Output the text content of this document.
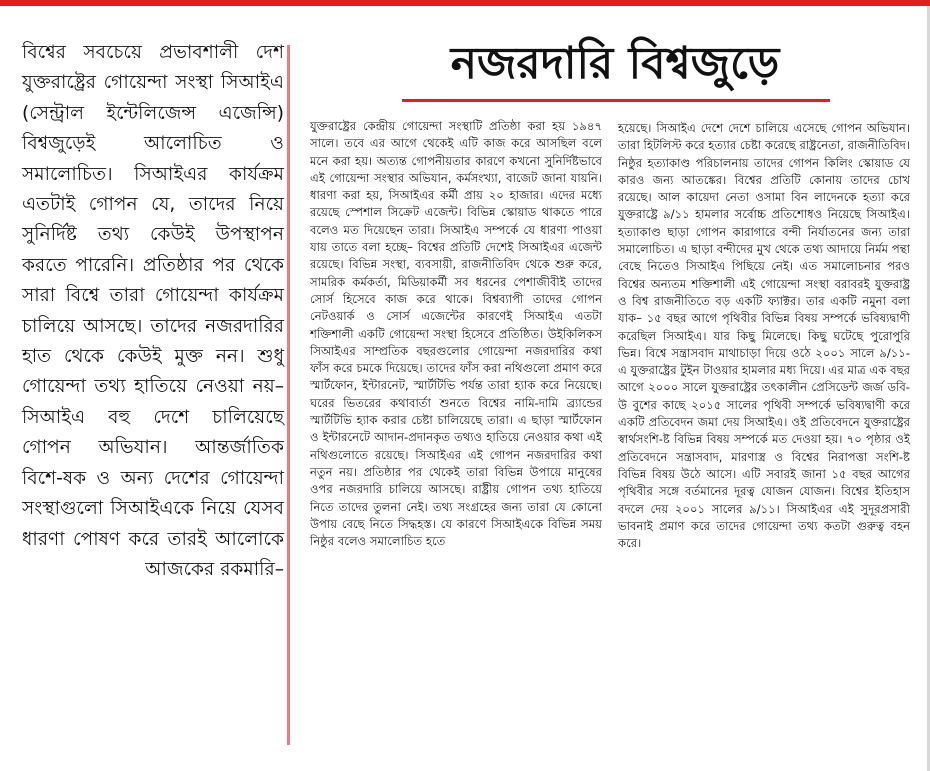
বিশ্বের সবচেয়ে প্রভাবশালী দেশ যুক্তরাষ্ট্রের গোয়েন্দা সংস্থা সিআইএ (সেন্ট্রাল ইন্টেলিজেন্স এজেন্সি) বিশ্বজুড়েই আলোচিত ও সমালোচিত। সিআইএর কার্যক্রম এতটাই গোপন যে, তাদের নিয়ে সুনির্দিষ্ট তথ্য কেউই উপস্থাপন করতে পারেনি। প্রতিষ্ঠার পর থেকে সারা বিশ্বে তারা গোয়েন্দা কার্যক্রম চালিয়ে আসছে। তাদের নজরদারির হাত থেকে কেউই মুক্ত নন। শুধু গোয়েন্দা তথ্য হাতিয়ে নেওয়া নয়– সিআইএ বহু দেশে চালিয়েছে গোপন অভিযান। আন্তর্জাতিক বিশে-ষক ও অন্য দেশের গোয়েন্দা সংস্থাগুলো সিআইএকে নিয়ে যেসব ধারণা পোষণ করে তারই আলোকে আজকের রকমারি–
নজরদারি বিশ্বজুড়ে
যুক্তরাষ্ট্রের কেন্দ্রীয় গোয়েন্দা সংস্থাটি প্রতিষ্ঠা করা হয় ১৯৪৭ সালে। তবে এর আগে থেকেই এটি কাজ করে আসছিল বলে মনে করা হয়। অত্যন্ত গোপনীয়তার কারণে কখনো সুনির্দিষ্টভাবে এই গোয়েন্দা সংস্থার অভিযান, কর্মসংখ্যা, বাজেট জানা যায়নি। ধারণা করা হয়, সিআইএর কর্মী প্রায় ২০ হাজার। এদের মধ্যে রয়েছে স্পেশাল সিক্রেট এজেন্ট। বিভিন্ন স্কোয়াড থাকতে পারে বলেও মত দিয়েছেন তারা। সিআইএ সম্পর্কে যে ধারণা পাওয়া যায় তাতে বলা হচ্ছে– বিশ্বের প্রতিটি দেশেই সিআইএর এজেন্ট রয়েছে। বিভিন্ন সংস্থা, ব্যবসায়ী, রাজনীতিবিদ থেকে শুরু করে, সামরিক কর্মকর্তা, মিডিয়াকর্মী সব ধরনের পেশাজীবীই তাদের সোর্স হিসেবে কাজ করে থাকে। বিশ্বব্যাপী তাদের গোপন নেটওয়ার্ক ও সোর্স এজেন্টের কারণেই সিআইএ এতটা শক্তিশালী একটি গোয়েন্দা সংস্থা হিসেবে প্রতিষ্ঠিত। উইকিলিকস সিআইএর সাম্প্রতিক বছরগুলোর গোয়েন্দা নজরদারির কথা ফাঁস করে চমকে দিয়েছে। তাদের ফাঁস করা নথিগুলো প্রমাণ করে স্মার্টফোন, ইন্টারনেট, স্মার্টটিভি পর্যন্ত তারা হ্যাক করে নিয়েছে। ঘরের ভিতরের কথাবার্তা শুনতে বিশ্বের নামি-দামি ব্র্যান্ডের স্মার্টটিভি হ্যাক করার চেষ্টা চালিয়েছে তারা। এ ছাড়া স্মার্টফোন ও ইন্টারনেটে আদান-প্রদানকৃত তথ্যও হাতিয়ে নেওয়ার কথা এই নথিগুলোতে রয়েছে। সিআইএর এই গোপন নজরদারির কথা নতুন নয়। প্রতিষ্ঠার পর থেকেই তারা বিভিন্ন উপায়ে মানুষের ওপর নজরদারি চালিয়ে আসছে। রাষ্ট্রীয় গোপন তথ্য হাতিয়ে নিতে তাদের তুলনা নেই। তথ্য সংগ্রহের জন্য তারা যে কোনো উপায় বেছে নিতে সিদ্ধহস্ত। যে কারণে সিআইএকে বিভিন্ন সময় নিষ্ঠুর বলেও সমালোচিত হতে
হয়েছে। সিআইএ দেশে দেশে চালিয়ে এসেছে গোপন অভিযান। তারা হিটলিস্ট করে হত্যার চেষ্টা করেছে রাষ্ট্রনেতা, রাজনীতিবিদ। নিষ্ঠুর হত্যাকাণ্ড পরিচালনায় তাদের গোপন কিলিং স্কোয়াড যে কারও জন্য আতঙ্কের। বিশ্বের প্রতিটি কোনায় তাদের চোখ রয়েছে। আল কায়েদা নেতা ওসামা বিন লাদেনকে হত্যা করে যুক্তরাষ্ট্রে ৯/১১ হামলার সর্বোচ্চ প্রতিশোধও নিয়েছে সিআইএ। হত্যাকাণ্ড ছাড়া গোপন কারাগারে বন্দী নির্যাতনের জন্য তারা সমালোচিত। এ ছাড়া বন্দীদের মুখ থেকে তথ্য আদায়ে নির্মম পন্থা বেছে নিতেও সিআইএ পিছিয়ে নেই। এত সমালোচনার পরও বিশ্বের অন্যতম শক্তিশালী এই গোয়েন্দা সংস্থা বরাবরই যুক্তরাষ্ট্র ও বিশ্ব রাজনীতিতে বড় একটি ফ্যাক্টর। তার একটি নমুনা বলা যাক– ১৫ বছর আগে পৃথিবীর বিভিন্ন বিষয় সম্পর্কে ভবিষ্যদ্বাণী করেছিল সিআইএ। যার কিছু মিলেছে। কিছু ঘটেছে পুরোপুরি ভিন্ন। বিশ্বে সন্ত্রাসবাদ মাথাচাড়া দিয়ে ওঠে ২০০১ সালে ৯/১১-এ যুক্তরাষ্ট্রের টুইন টাওয়ার হামলার মধ্য দিয়ে। এর মাত্র এক বছর আগে ২০০০ সালে যুক্তরাষ্ট্রের তৎকালীন প্রেসিডেন্ট জর্জ ডবি-উ বুশের কাছে ২০১৫ সালের পৃথিবী সম্পর্কে ভবিষ্যদ্বাণী করে একটি প্রতিবেদন জমা দেয় সিআইএ। ওই প্রতিবেদনে যুক্তরাষ্ট্রের স্বার্থসংশি-ষ্ট বিভিন্ন বিষয় সম্পর্কে মত দেওয়া হয়। ৭০ পৃষ্ঠার ওই প্রতিবেদনে সন্ত্রাসবাদ, মারণাস্ত্র ও বিশ্বের নিরাপত্তা সংশি-ষ্ট বিভিন্ন বিষয় উঠে আসে। এটি সবারই জানা ১৫ বছর আগের পৃথিবীর সঙ্গে বর্তমানের দূরত্ব যোজন যোজন। বিশ্বের ইতিহাস বদলে দেয় ২০০১ সালের ৯/১১। সিআইএর এই সুদূরপ্রসারী ভাবনাই প্রমাণ করে তাদের গোয়েন্দা তথ্য কতটা গুরুত্ব বহন করে।
